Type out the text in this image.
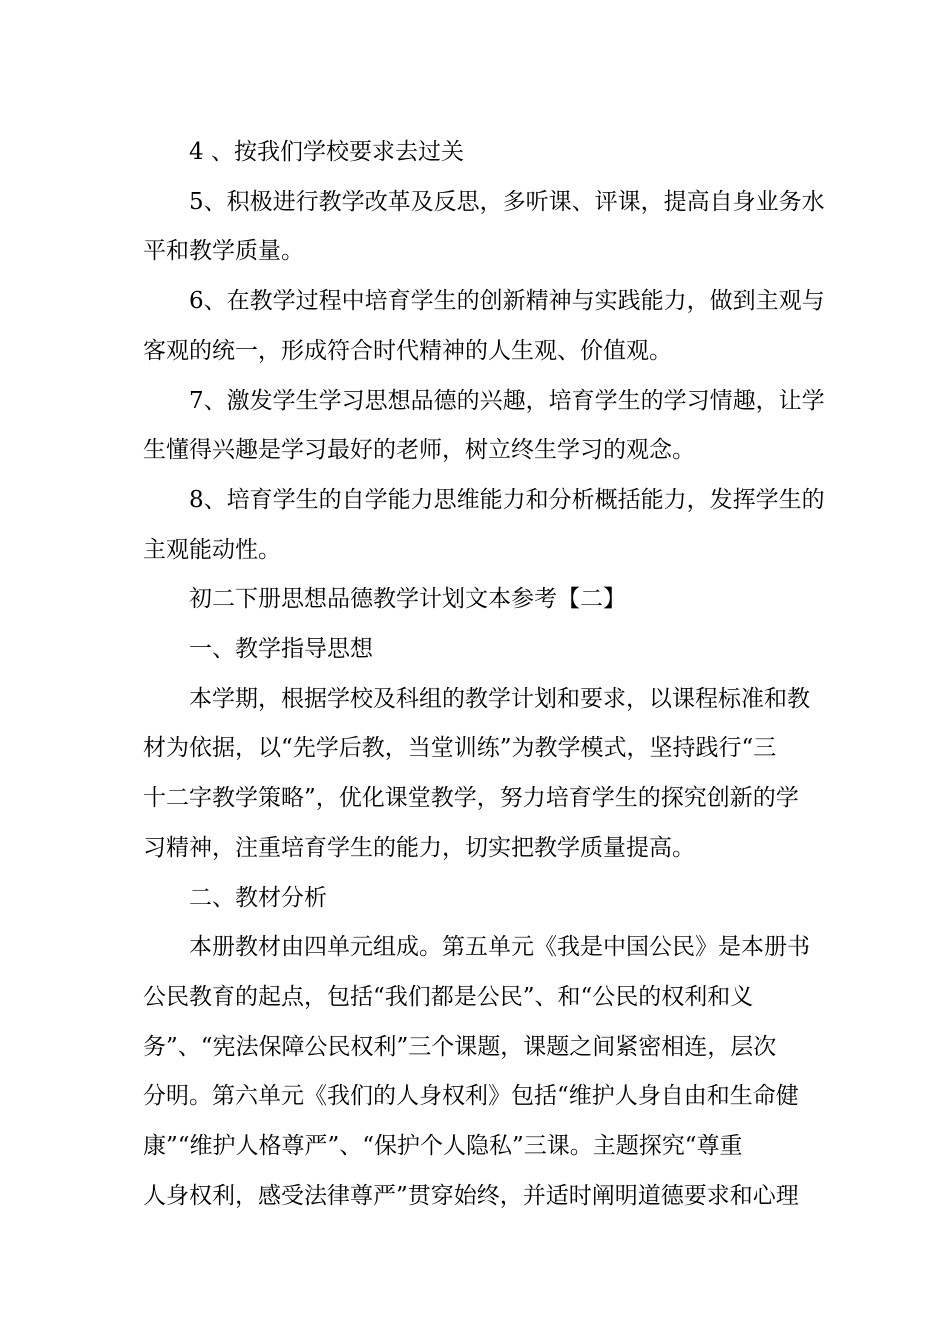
4 、按我们学校要求去过关

5、积极进行教学改革及反思，多听课、评课，提高自身业务水
平和教学质量。

6、在教学过程中培育学生的创新精神与实践能力，做到主观与
客观的统一，形成符合时代精神的人生观、价值观。

7、激发学生学习思想品德的兴趣，培育学生的学习情趣，让学
生懂得兴趣是学习最好的老师，树立终生学习的观念。

8、培育学生的自学能力思维能力和分析概括能力，发挥学生的
主观能动性。

初二下册思想品德教学计划文本参考【二】

一、教学指导思想

本学期，根据学校及科组的教学计划和要求，以课程标准和教
材为依据，以“先学后教，当堂训练”为教学模式，坚持践行“三
十二字教学策略”，优化课堂教学，努力培育学生的探究创新的学
习精神，注重培育学生的能力，切实把教学质量提高。

二、教材分析

本册教材由四单元组成。第五单元《我是中国公民》是本册书
公民教育的起点，包括“我们都是公民”、和“公民的权利和义
务”、“宪法保障公民权利”三个课题，课题之间紧密相连，层次
分明。第六单元《我们的人身权利》包括“维护人身自由和生命健
康”“维护人格尊严”、“保护个人隐私”三课。主题探究“尊重
人身权利，感受法律尊严”贯穿始终，并适时阐明道德要求和心理
